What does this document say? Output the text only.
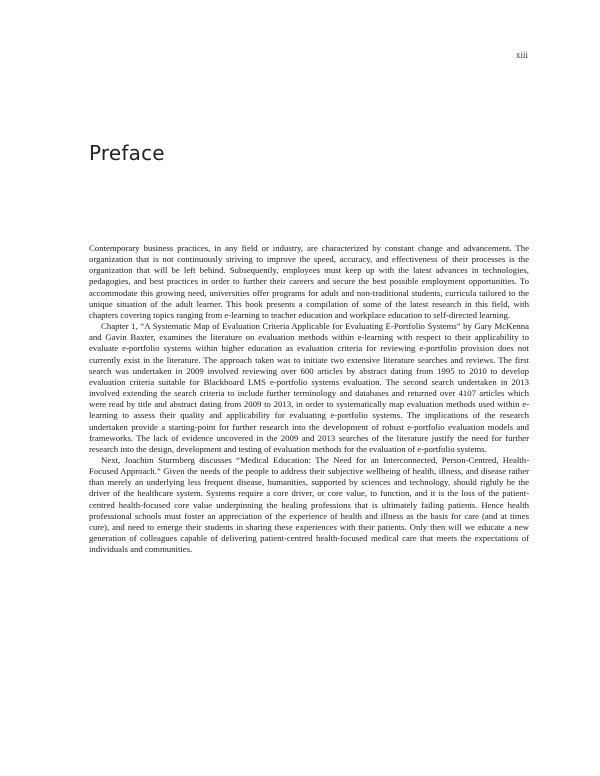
xiii
Preface

Contemporary business practices, in any field or industry, are characterized by constant change and advancement. The organization that is not continuously striving to improve the speed, accuracy, and effectiveness of their processes is the organization that will be left behind. Subsequently, employees must keep up with the latest advances in technologies, pedagogies, and best practices in order to further their careers and secure the best possible employment opportunities. To accommodate this growing need, universities offer programs for adult and non-traditional students, curricula tailored to the unique situation of the adult learner. This book presents a compilation of some of the latest research in this field, with chapters covering topics ranging from e-learning to teacher education and workplace education to self-directed learning.

Chapter 1, “A Systematic Map of Evaluation Criteria Applicable for Evaluating E-Portfolio Systems” by Gary McKenna and Gavin Baxter, examines the literature on evaluation methods within e-learning with respect to their applicability to evaluate e-portfolio systems within higher education as evaluation criteria for reviewing e-portfolio provision does not currently exist in the literature. The approach taken was to initiate two extensive literature searches and reviews. The first search was undertaken in 2009 involved reviewing over 600 articles by abstract dating from 1995 to 2010 to develop evaluation criteria suitable for Blackboard LMS e-portfolio systems evaluation. The second search undertaken in 2013 involved extending the search criteria to include further terminology and databases and returned over 4107 articles which were read by title and abstract dating from 2009 to 2013, in order to systematically map evaluation methods used within e-learning to assess their quality and applicability for evaluating e-portfolio systems. The implications of the research undertaken provide a starting-point for further research into the development of robust e-portfolio evaluation models and frameworks. The lack of evidence uncovered in the 2009 and 2013 searches of the literature justify the need for further research into the design, development and testing of evaluation methods for the evaluation of e-portfolio systems.

Next, Joachim Sturmberg discusses “Medical Education: The Need for an Interconnected, Person-Centred, Health-Focused Approach.” Given the needs of the people to address their subjective wellbeing of health, illness, and disease rather than merely an underlying less frequent disease, humanities, supported by sciences and technology, should rightly be the driver of the healthcare system. Systems require a core driver, or core value, to function, and it is the loss of the patient-centred health-focused core value underpinning the healing professions that is ultimately failing patients. Hence health professional schools must foster an appreciation of the experience of health and illness as the basis for care (and at times cure), and need to emerge their students in sharing these experiences with their patients. Only then will we educate a new generation of colleagues capable of delivering patient-centred health-focused medical care that meets the expectations of individuals and communities.
